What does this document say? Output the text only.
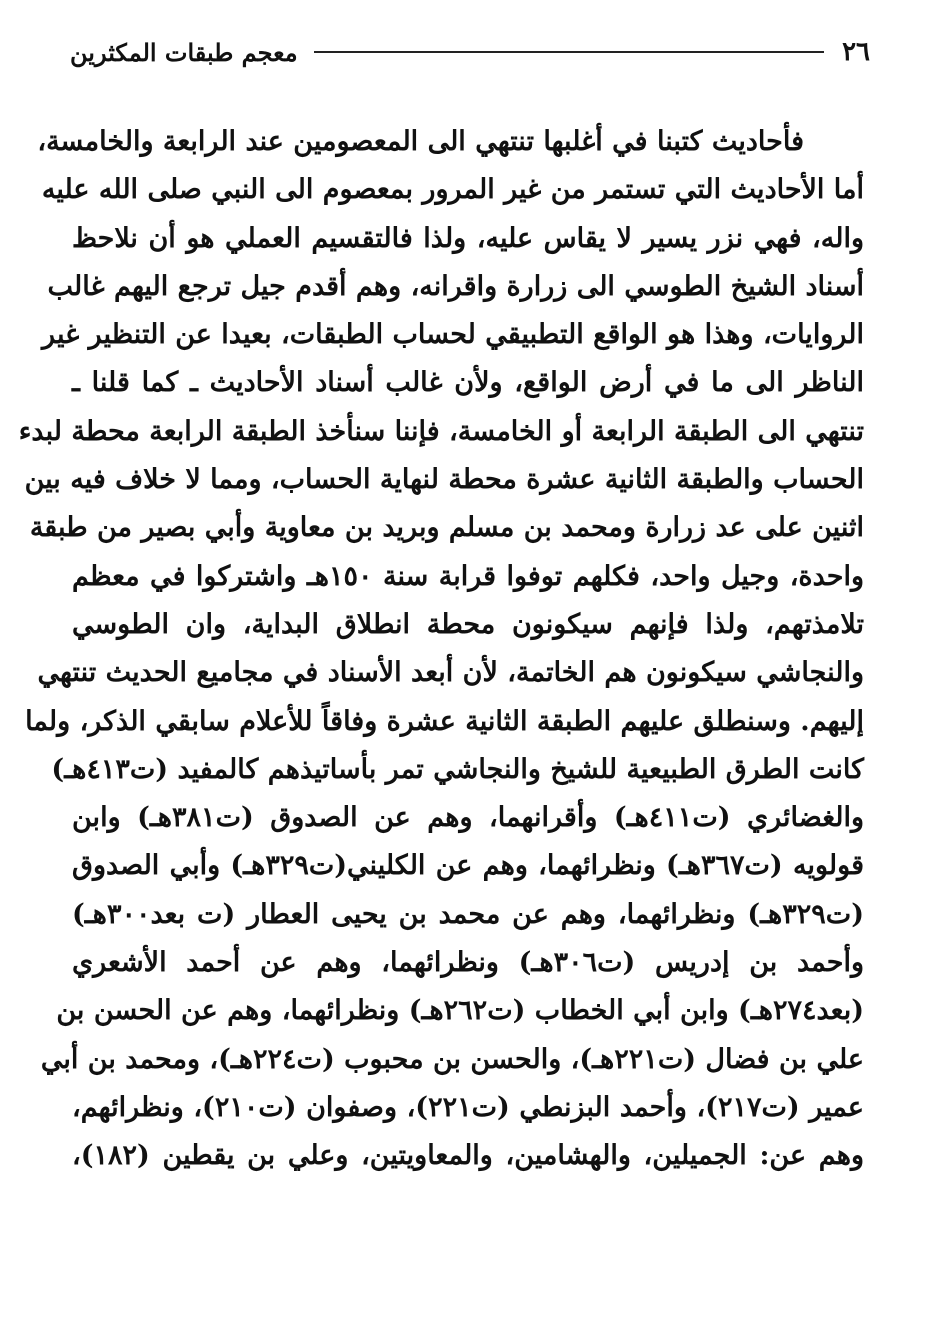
٢٦
معجم طبقات المكثرين
فأحاديث كتبنا في أغلبها تنتهي الى المعصومين عند الرابعة والخامسة،
أما الأحاديث التي تستمر من غير المرور بمعصوم الى النبي صلى الله عليه
واله، فهي نزر يسير لا يقاس عليه، ولذا فالتقسيم العملي هو أن نلاحظ
أسناد الشيخ الطوسي الى زرارة واقرانه، وهم أقدم جيل ترجع اليهم غالب
الروايات، وهذا هو الواقع التطبيقي لحساب الطبقات، بعيدا عن التنظير غير
الناظر الى ما في أرض الواقع، ولأن غالب أسناد الأحاديث ـ كما قلنا ـ
تنتهي الى الطبقة الرابعة أو الخامسة، فإننا سنأخذ الطبقة الرابعة محطة لبدء
الحساب والطبقة الثانية عشرة محطة لنهاية الحساب، ومما لا خلاف فيه بين
اثنين على عد زرارة ومحمد بن مسلم وبريد بن معاوية وأبي بصير من طبقة
واحدة، وجيل واحد، فكلهم توفوا قرابة سنة ١٥٠هـ واشتركوا في معظم
تلامذتهم، ولذا فإنهم سيكونون محطة انطلاق البداية، وان الطوسي
والنجاشي سيكونون هم الخاتمة، لأن أبعد الأسناد في مجاميع الحديث تنتهي
إليهم. وسنطلق عليهم الطبقة الثانية عشرة وفاقاً للأعلام سابقي الذكر، ولما
كانت الطرق الطبيعية للشيخ والنجاشي تمر بأساتيذهم كالمفيد (ت٤١٣هـ)
والغضائري (ت٤١١هـ) وأقرانهما، وهم عن الصدوق (ت٣٨١هـ) وابن
قولويه (ت٣٦٧هـ) ونظرائهما، وهم عن الكليني(ت٣٢٩هـ) وأبي الصدوق
(ت٣٢٩هـ) ونظرائهما، وهم عن محمد بن يحيى العطار (ت بعد٣٠٠هـ)
وأحمد بن إدريس (ت٣٠٦هـ) ونظرائهما، وهم عن أحمد الأشعري
(بعد٢٧٤هـ) وابن أبي الخطاب (ت٢٦٢هـ) ونظرائهما، وهم عن الحسن بن
علي بن فضال (ت٢٢١هـ)، والحسن بن محبوب (ت٢٢٤هـ)، ومحمد بن أبي
عمير (ت٢١٧)، وأحمد البزنطي (ت٢٢١)، وصفوان (ت٢١٠)، ونظرائهم،
وهم عن: الجميلين، والهشامين، والمعاويتين، وعلي بن يقطين (١٨٢)،
